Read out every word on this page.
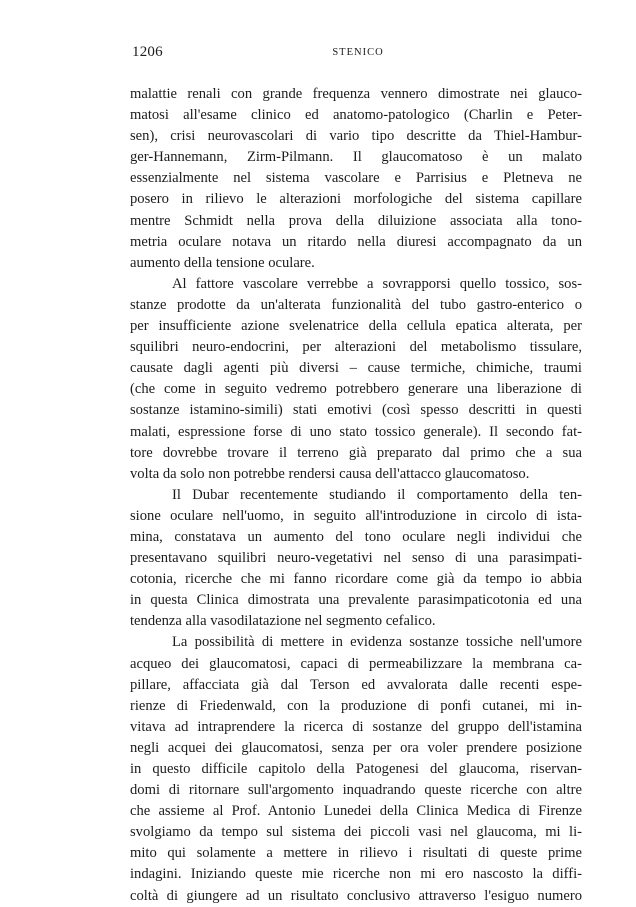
1206	STENICO
malattie renali con grande frequenza vennero dimostrate nei glauco-
matosi all'esame clinico ed anatomo-patologico (Charlin e Peter-
sen), crisi neurovascolari di vario tipo descritte da Thiel-Hambur-
ger-Hannemann, Zirm-Pilmann. Il glaucomatoso è un malato
essenzialmente nel sistema vascolare e Parrisius e Pletneva ne
posero in rilievo le alterazioni morfologiche del sistema capillare
mentre Schmidt nella prova della diluizione associata alla tono-
metria oculare notava un ritardo nella diuresi accompagnato da un
aumento della tensione oculare.
Al fattore vascolare verrebbe a sovrapporsi quello tossico, sos-
stanze prodotte da un'alterata funzionalità del tubo gastro-enterico o
per insufficiente azione svelenatrice della cellula epatica alterata, per
squilibri neuro-endocrini, per alterazioni del metabolismo tissulare,
causate dagli agenti più diversi – cause termiche, chimiche, traumi
(che come in seguito vedremo potrebbero generare una liberazione di
sostanze istamino-simili) stati emotivi (così spesso descritti in questi
malati, espressione forse di uno stato tossico generale). Il secondo fat-
tore dovrebbe trovare il terreno già preparato dal primo che a sua
volta da solo non potrebbe rendersi causa dell'attacco glaucomatoso.
Il Dubar recentemente studiando il comportamento della ten-
sione oculare nell'uomo, in seguito all'introduzione in circolo di ista-
mina, constatava un aumento del tono oculare negli individui che
presentavano squilibri neuro-vegetativi nel senso di una parasimpati-
cotonia, ricerche che mi fanno ricordare come già da tempo io abbia
in questa Clinica dimostrata una prevalente parasimpaticotonia ed una
tendenza alla vasodilatazione nel segmento cefalico.
La possibilità di mettere in evidenza sostanze tossiche nell'umore
acqueo dei glaucomatosi, capaci di permeabilizzare la membrana ca-
pillare, affacciata già dal Terson ed avvalorata dalle recenti espe-
rienze di Friedenwald, con la produzione di ponfi cutanei, mi in-
vitava ad intraprendere la ricerca di sostanze del gruppo dell'istamina
negli acquei dei glaucomatosi, senza per ora voler prendere posizione
in questo difficile capitolo della Patogenesi del glaucoma, riservan-
domi di ritornare sull'argomento inquadrando queste ricerche con altre
che assieme al Prof. Antonio Lunedei della Clinica Medica di Firenze
svolgiamo da tempo sul sistema dei piccoli vasi nel glaucoma, mi li-
mito qui solamente a mettere in rilievo i risultati di queste prime
indagini. Iniziando queste mie ricerche non mi ero nascosto la diffi-
coltà di giungere ad un risultato conclusivo attraverso l'esiguo numero
